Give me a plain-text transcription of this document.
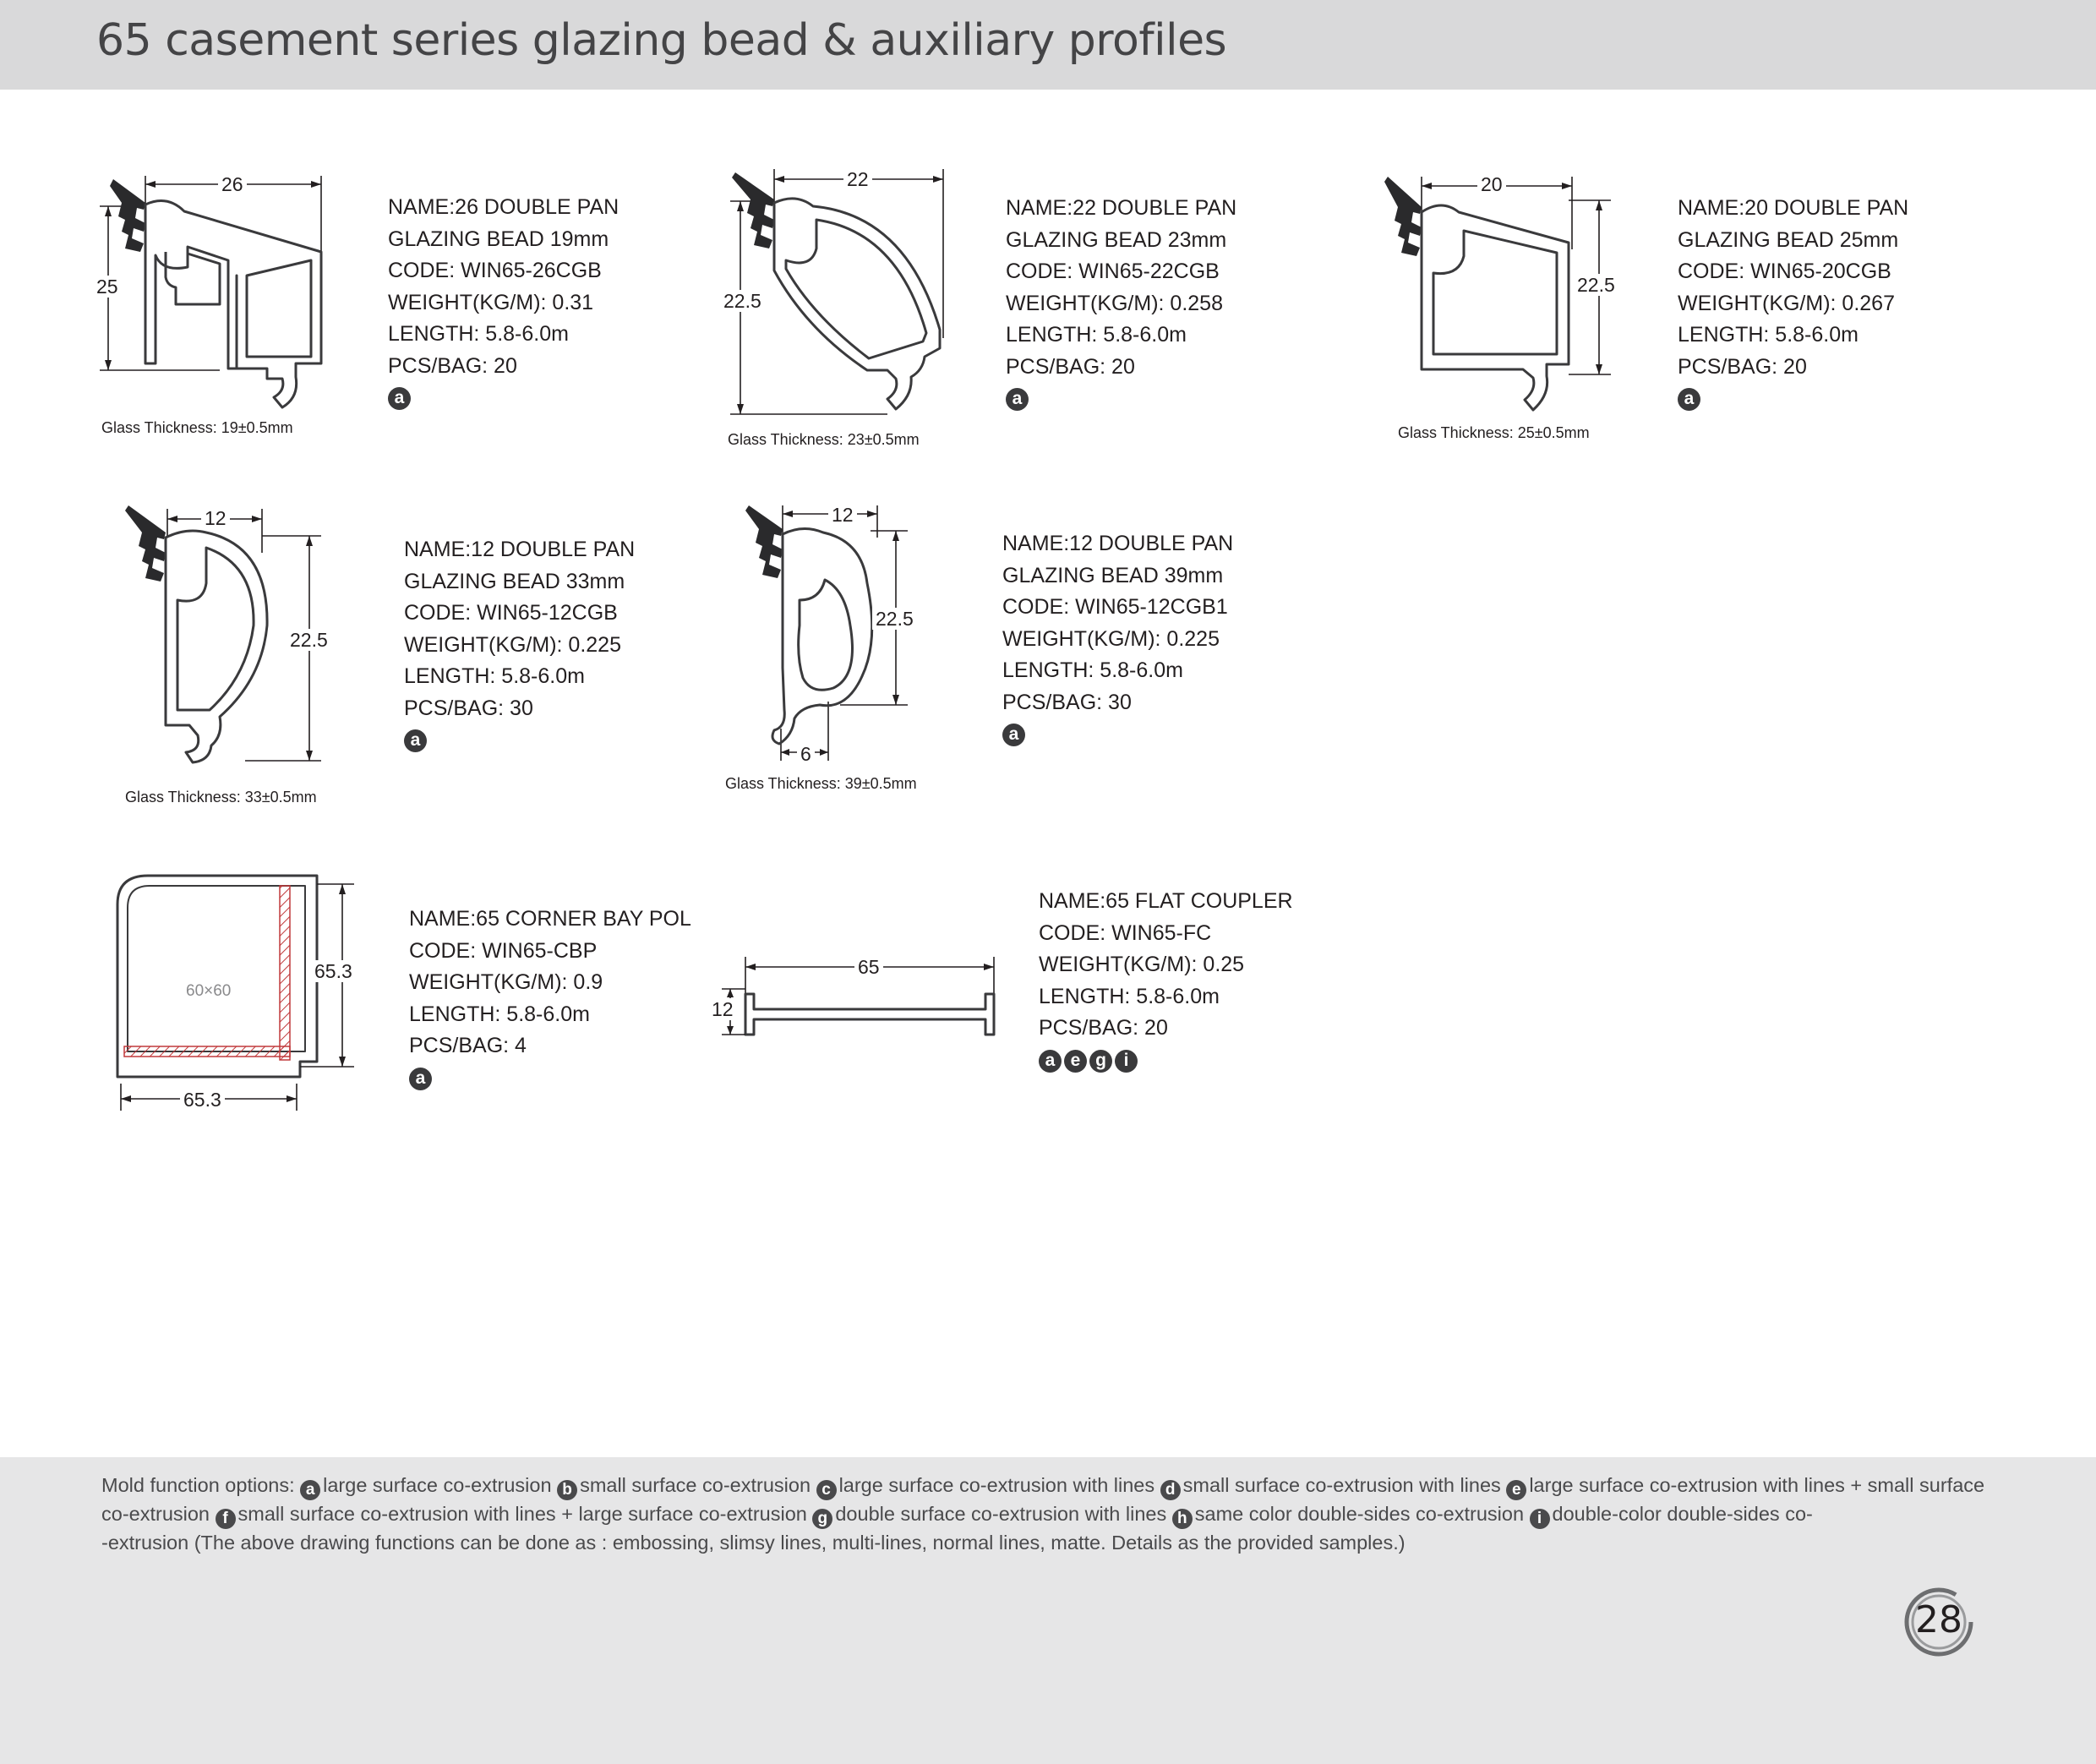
65 casement series glazing bead & auxiliary profiles
26
25
Glass Thickness: 19±0.5mm
NAME:26 DOUBLE PAN
GLAZING BEAD 19mm
CODE: WIN65-26CGB
WEIGHT(KG/M): 0.31
LENGTH: 5.8-6.0m
PCS/BAG: 20
a
22
22.5
Glass Thickness: 23±0.5mm
NAME:22 DOUBLE PAN
GLAZING BEAD 23mm
CODE: WIN65-22CGB
WEIGHT(KG/M): 0.258
LENGTH: 5.8-6.0m
PCS/BAG: 20
a
20
22.5
Glass Thickness: 25±0.5mm
NAME:20 DOUBLE PAN
GLAZING BEAD 25mm
CODE: WIN65-20CGB
WEIGHT(KG/M): 0.267
LENGTH: 5.8-6.0m
PCS/BAG: 20
a
12
22.5
Glass Thickness: 33±0.5mm
NAME:12 DOUBLE PAN
GLAZING BEAD 33mm
CODE: WIN65-12CGB
WEIGHT(KG/M): 0.225
LENGTH: 5.8-6.0m
PCS/BAG: 30
a
22.5
12
6
Glass Thickness: 39±0.5mm
NAME:12 DOUBLE PAN
GLAZING BEAD 39mm
CODE: WIN65-12CGB1
WEIGHT(KG/M): 0.225
LENGTH: 5.8-6.0m
PCS/BAG: 30
a
60×60
65.3
65.3
NAME:65 CORNER BAY POL
CODE: WIN65-CBP
WEIGHT(KG/M): 0.9
LENGTH: 5.8-6.0m
PCS/BAG: 4
a
65
12
NAME:65 FLAT COUPLER
CODE: WIN65-FC
WEIGHT(KG/M): 0.25
LENGTH: 5.8-6.0m
PCS/BAG: 20
a e g i
Mold function options: a large surface co-extrusion b small surface co-extrusion c large surface co-extrusion with lines d small surface co-extrusion with lines e large surface co-extrusion with lines + small surface co-extrusion f small surface co-extrusion with lines + large surface co-extrusion g double surface co-extrusion with lines h same color double-sides co-extrusion i double-color double-sides co-
-extrusion (The above drawing functions can be done as : embossing, slimsy lines, multi-lines, normal lines, matte. Details as the provided samples.)
28
